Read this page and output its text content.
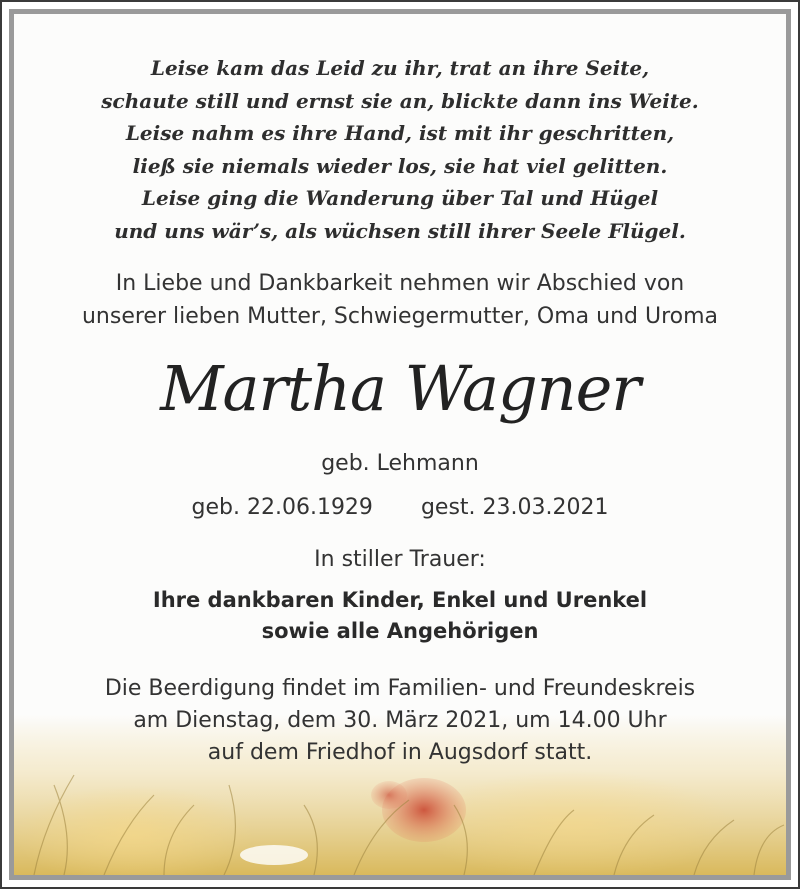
Leise kam das Leid zu ihr, trat an ihre Seite,
schaute still und ernst sie an, blickte dann ins Weite.
Leise nahm es ihre Hand, ist mit ihr geschritten,
ließ sie niemals wieder los, sie hat viel gelitten.
Leise ging die Wanderung über Tal und Hügel
und uns wär’s, als wüchsen still ihrer Seele Flügel.
In Liebe und Dankbarkeit nehmen wir Abschied von
unserer lieben Mutter, Schwiegermutter, Oma und Uroma
Martha Wagner
geb. Lehmann
geb. 22.06.1929 gest. 23.03.2021
In stiller Trauer:
Ihre dankbaren Kinder, Enkel und Urenkel
sowie alle Angehörigen
Die Beerdigung findet im Familien- und Freundeskreis
am Dienstag, dem 30. März 2021, um 14.00 Uhr
auf dem Friedhof in Augsdorf statt.
